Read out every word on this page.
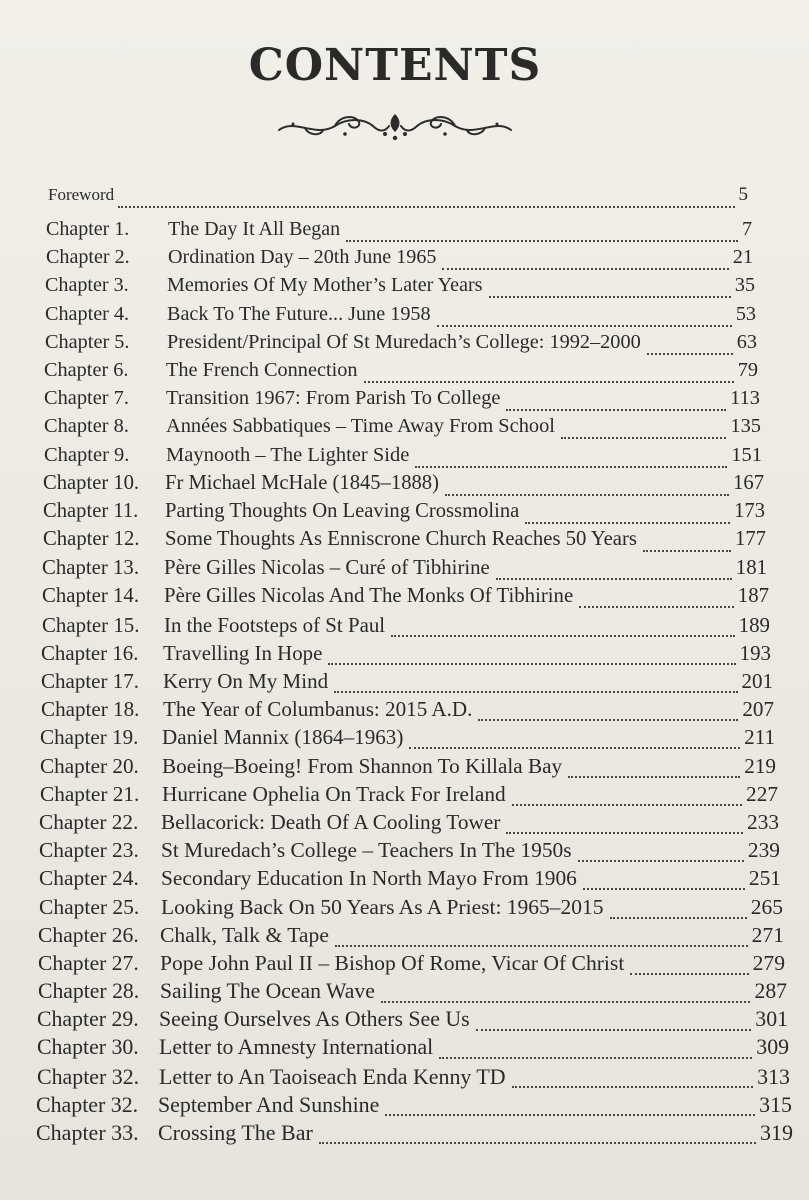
CONTENTS
Foreword	5
Chapter 1.	The Day It All Began	7
Chapter 2.	Ordination Day – 20th June 1965	21
Chapter 3.	Memories Of My Mother’s Later Years	35
Chapter 4.	Back To The Future... June 1958	53
Chapter 5.	President/Principal Of St Muredach’s College: 1992–2000	63
Chapter 6.	The French Connection	79
Chapter 7.	Transition 1967: From Parish To College	113
Chapter 8.	Années Sabbatiques – Time Away From School	135
Chapter 9.	Maynooth – The Lighter Side	151
Chapter 10.	Fr Michael McHale (1845–1888)	167
Chapter 11.	Parting Thoughts On Leaving Crossmolina	173
Chapter 12.	Some Thoughts As Enniscrone Church Reaches 50 Years	177
Chapter 13.	Père Gilles Nicolas – Curé of Tibhirine	181
Chapter 14.	Père Gilles Nicolas And The Monks Of Tibhirine	187
Chapter 15.	In the Footsteps of St Paul	189
Chapter 16.	Travelling In Hope	193
Chapter 17.	Kerry On My Mind	201
Chapter 18.	The Year of Columbanus: 2015 A.D.	207
Chapter 19.	Daniel Mannix (1864–1963)	211
Chapter 20.	Boeing–Boeing! From Shannon To Killala Bay	219
Chapter 21.	Hurricane Ophelia On Track For Ireland	227
Chapter 22.	Bellacorick: Death Of A Cooling Tower	233
Chapter 23.	St Muredach’s College – Teachers In The 1950s	239
Chapter 24.	Secondary Education In North Mayo From 1906	251
Chapter 25.	Looking Back On 50 Years As A Priest: 1965–2015	265
Chapter 26. Chalk, Talk & Tape	271
Chapter 27. Pope John Paul II – Bishop Of Rome, Vicar Of Christ	279
Chapter 28. Sailing The Ocean Wave	287
Chapter 29. Seeing Ourselves As Others See Us	301
Chapter 30. Letter to Amnesty International	309
Chapter 32. Letter to An Taoiseach Enda Kenny TD	313
Chapter 32. September And Sunshine	315
Chapter 33. Crossing The Bar	319
